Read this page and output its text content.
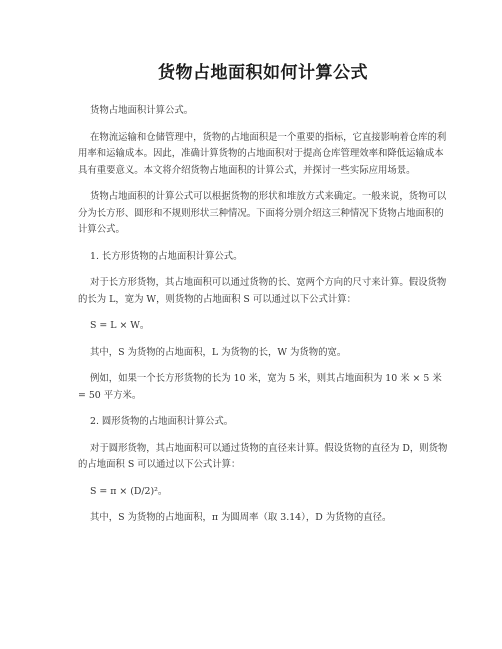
货物占地面积如何计算公式

货物占地面积计算公式。

在物流运输和仓储管理中，货物的占地面积是一个重要的指标，它直接影响着仓库的利用率和运输成本。因此，准确计算货物的占地面积对于提高仓库管理效率和降低运输成本具有重要意义。本文将介绍货物占地面积的计算公式，并探讨一些实际应用场景。

货物占地面积的计算公式可以根据货物的形状和堆放方式来确定。一般来说，货物可以分为长方形、圆形和不规则形状三种情况。下面将分别介绍这三种情况下货物占地面积的计算公式。

1. 长方形货物的占地面积计算公式。

对于长方形货物，其占地面积可以通过货物的长、宽两个方向的尺寸来计算。假设货物的长为 L，宽为 W，则货物的占地面积 S 可以通过以下公式计算：

S = L × W。

其中，S 为货物的占地面积，L 为货物的长，W 为货物的宽。

例如，如果一个长方形货物的长为 10 米，宽为 5 米，则其占地面积为 10 米 × 5 米 = 50 平方米。

2. 圆形货物的占地面积计算公式。

对于圆形货物，其占地面积可以通过货物的直径来计算。假设货物的直径为 D，则货物的占地面积 S 可以通过以下公式计算：

S = π × (D/2)²。

其中，S 为货物的占地面积，π 为圆周率（取 3.14），D 为货物的直径。
